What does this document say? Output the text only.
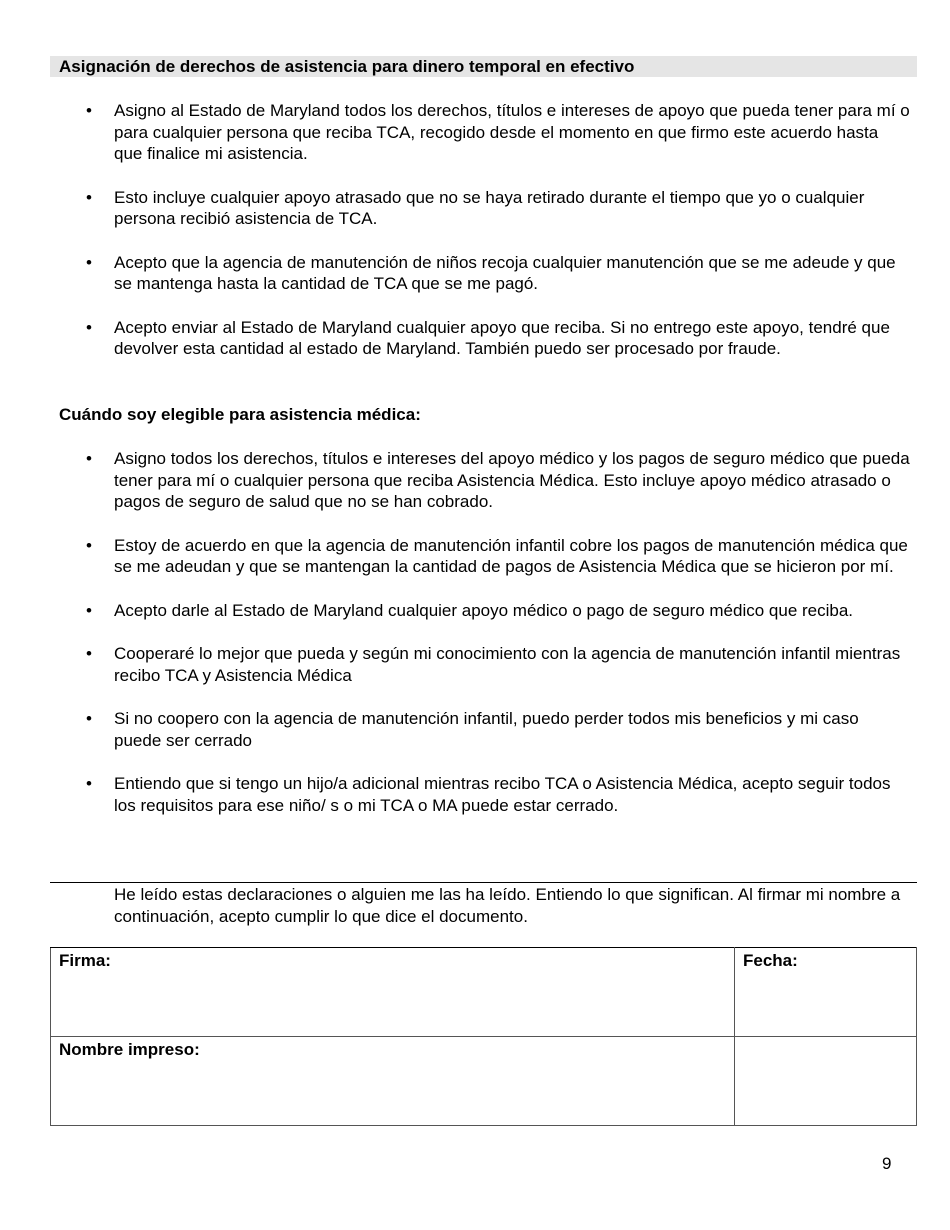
Asignación de derechos de asistencia para dinero temporal en efectivo
• Asigno al Estado de Maryland todos los derechos, títulos e intereses de apoyo que pueda tener para mí o para cualquier persona que reciba TCA, recogido desde el momento en que firmo este acuerdo hasta que finalice mi asistencia.
• Esto incluye cualquier apoyo atrasado que no se haya retirado durante el tiempo que yo o cualquier persona recibió asistencia de TCA.
• Acepto que la agencia de manutención de niños recoja cualquier manutención que se me adeude y que se mantenga hasta la cantidad de TCA que se me pagó.
• Acepto enviar al Estado de Maryland cualquier apoyo que reciba. Si no entrego este apoyo, tendré que devolver esta cantidad al estado de Maryland. También puedo ser procesado por fraude.
Cuándo soy elegible para asistencia médica:
• Asigno todos los derechos, títulos e intereses del apoyo médico y los pagos de seguro médico que pueda tener para mí o cualquier persona que reciba Asistencia Médica. Esto incluye apoyo médico atrasado o pagos de seguro de salud que no se han cobrado.
• Estoy de acuerdo en que la agencia de manutención infantil cobre los pagos de manutención médica que se me adeudan y que se mantengan la cantidad de pagos de Asistencia Médica que se hicieron por mí.
• Acepto darle al Estado de Maryland cualquier apoyo médico o pago de seguro médico que reciba.
• Cooperaré lo mejor que pueda y según mi conocimiento con la agencia de manutención infantil mientras recibo TCA y Asistencia Médica
• Si no coopero con la agencia de manutención infantil, puedo perder todos mis beneficios y mi caso puede ser cerrado
• Entiendo que si tengo un hijo/a adicional mientras recibo TCA o Asistencia Médica, acepto seguir todos los requisitos para ese niño/ s o mi TCA o MA puede estar cerrado.
He leído estas declaraciones o alguien me las ha leído. Entiendo lo que significan. Al firmar mi nombre a continuación, acepto cumplir lo que dice el documento.
Firma:	Fecha:
Nombre impreso:	
9
